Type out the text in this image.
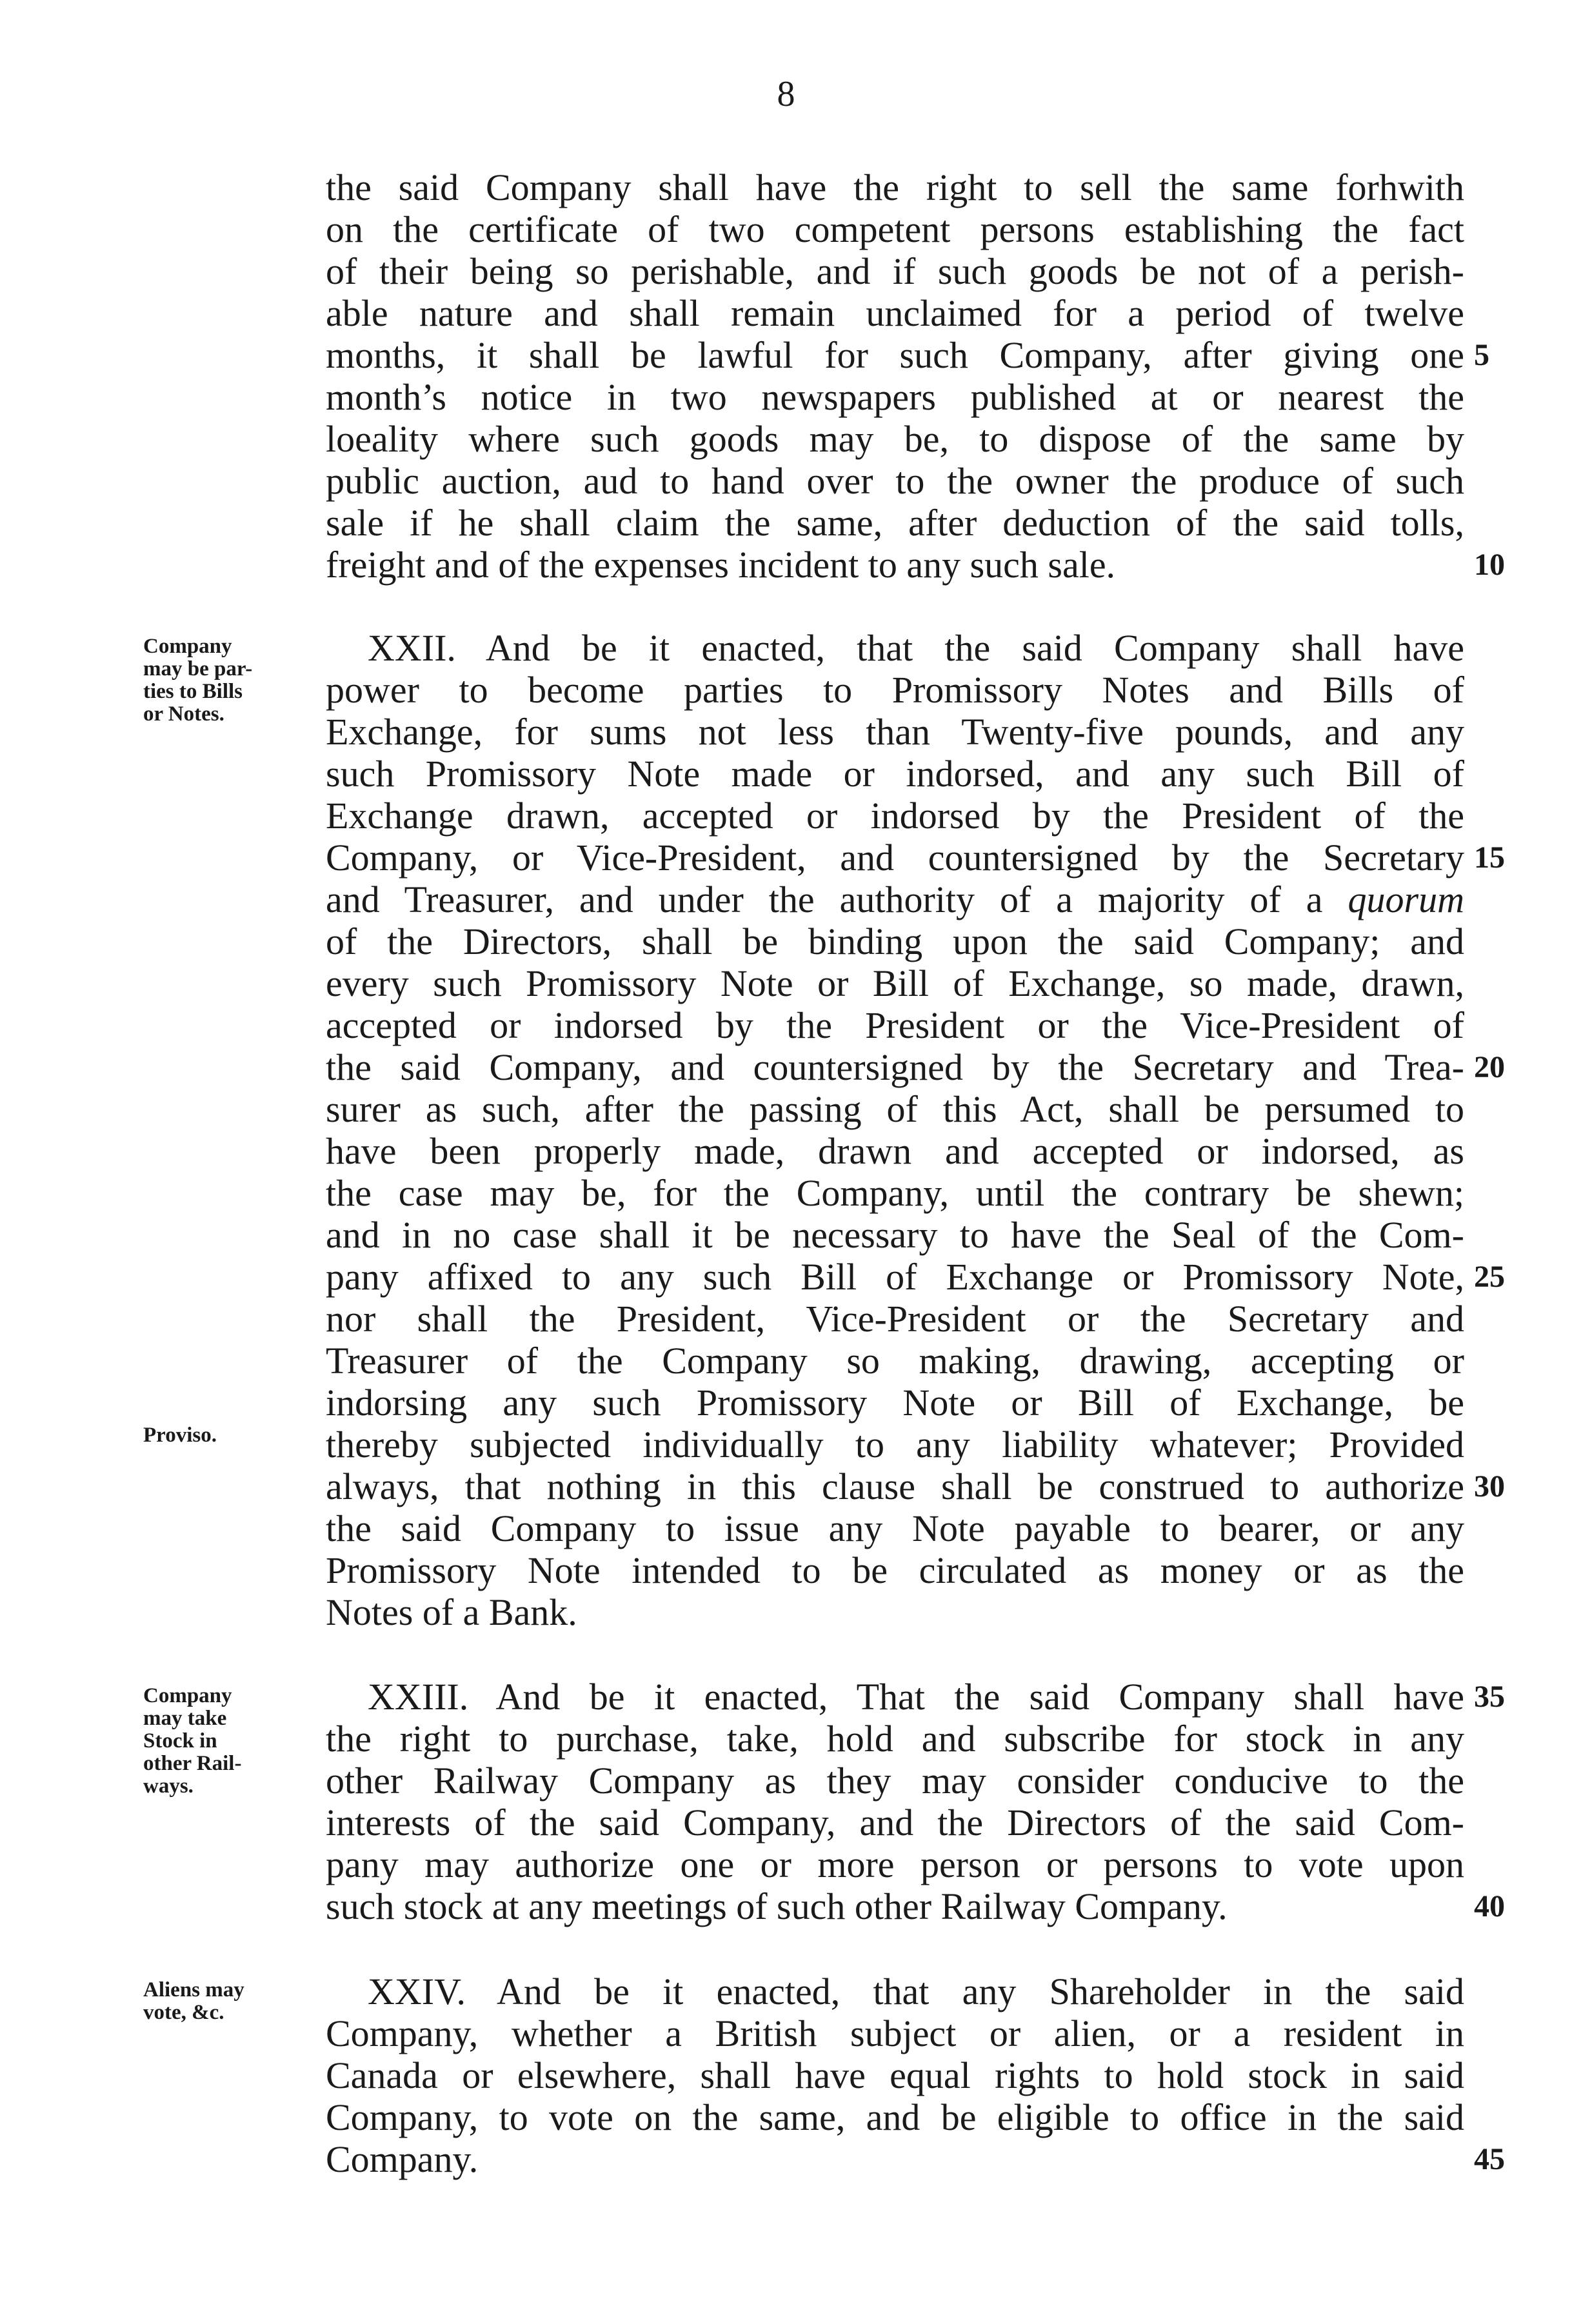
8
the said Company shall have the right to sell the same forhwith
on the certificate of two competent persons establishing the fact
of their being so perishable, and if such goods be not of a perish-
able nature and shall remain unclaimed for a period of twelve
months, it shall be lawful for such Company, after giving one
month’s notice in two newspapers published at or nearest the
loeality where such goods may be, to dispose of the same by
public auction, aud to hand over to the owner the produce of such
sale if he shall claim the same, after deduction of the said tolls,
freight and of the expenses incident to any such sale.
Company
may be par-
ties to Bills
or Notes.
XXII. And be it enacted, that the said Company shall have
power to become parties to Promissory Notes and Bills of
Exchange, for sums not less than Twenty-five pounds, and any
such Promissory Note made or indorsed, and any such Bill of
Exchange drawn, accepted or indorsed by the President of the
Company, or Vice-President, and countersigned by the Secretary
and Treasurer, and under the authority of a majority of a quorum
of the Directors, shall be binding upon the said Company; and
every such Promissory Note or Bill of Exchange, so made, drawn,
accepted or indorsed by the President or the Vice-President of
the said Company, and countersigned by the Secretary and Trea-
surer as such, after the passing of this Act, shall be persumed to
have been properly made, drawn and accepted or indorsed, as
the case may be, for the Company, until the contrary be shewn;
and in no case shall it be necessary to have the Seal of the Com-
pany affixed to any such Bill of Exchange or Promissory Note,
nor shall the President, Vice-President or the Secretary and
Treasurer of the Company so making, drawing, accepting or
indorsing any such Promissory Note or Bill of Exchange, be
thereby subjected individually to any liability whatever; Provided
always, that nothing in this clause shall be construed to authorize
the said Company to issue any Note payable to bearer, or any
Promissory Note intended to be circulated as money or as the
Notes of a Bank.
Proviso.
Company
may take
Stock in
other Rail-
ways.
XXIII. And be it enacted, That the said Company shall have
the right to purchase, take, hold and subscribe for stock in any
other Railway Company as they may consider conducive to the
interests of the said Company, and the Directors of the said Com-
pany may authorize one or more person or persons to vote upon
such stock at any meetings of such other Railway Company.
Aliens may
vote, &c.	XXIV. And be it enacted, that any Shareholder in the said
Company, whether a British subject or alien, or a resident in
Canada or elsewhere, shall have equal rights to hold stock in said
Company, to vote on the same, and be eligible to office in the said
Company.
5
10
15
20
25
30
35
40
45
